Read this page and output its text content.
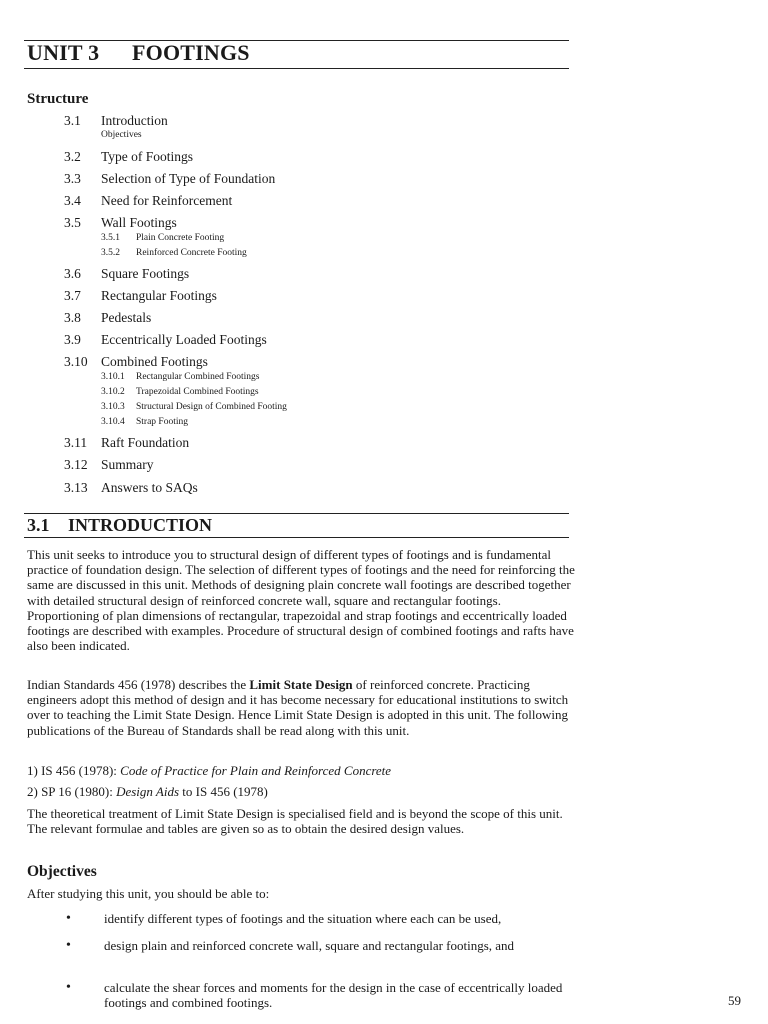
UNIT 3 FOOTINGS
Structure
3.1 Introduction
Objectives
3.2 Type of Footings
3.3 Selection of Type of Foundation
3.4 Need for Reinforcement
3.5 Wall Footings
3.5.1 Plain Concrete Footing
3.5.2 Reinforced Concrete Footing
3.6 Square Footings
3.7 Rectangular Footings
3.8 Pedestals
3.9 Eccentrically Loaded Footings
3.10 Combined Footings
3.10.1 Rectangular Combined Footings
3.10.2 Trapezoidal Combined Footings
3.10.3 Structural Design of Combined Footing
3.10.4 Strap Footing
3.11 Raft Foundation
3.12 Summary
3.13 Answers to SAQs
3.1 INTRODUCTION

This unit seeks to introduce you to structural design of different types of footings and is fundamental practice of foundation design. The selection of different types of footings and the need for reinforcing the same are discussed in this unit. Methods of designing plain concrete wall footings are described together with detailed structural design of reinforced concrete wall, square and rectangular footings. Proportioning of plan dimensions of rectangular, trapezoidal and strap footings and eccentrically loaded footings are described with examples. Procedure of structural design of combined footings and rafts have also been indicated.

Indian Standards 456 (1978) describes the Limit State Design of reinforced concrete. Practicing engineers adopt this method of design and it has become necessary for educational institutions to switch over to teaching the Limit State Design. Hence Limit State Design is adopted in this unit. The following publications of the Bureau of Standards shall be read along with this unit.

1) IS 456 (1978): Code of Practice for Plain and Reinforced Concrete
2) SP 16 (1980): Design Aids to IS 456 (1978)

The theoretical treatment of Limit State Design is specialised field and is beyond the scope of this unit. The relevant formulae and tables are given so as to obtain the desired design values.

Objectives
After studying this unit, you should be able to:
•	identify different types of footings and the situation where each can be used,
•	design plain and reinforced concrete wall, square and rectangular footings, and
•	calculate the shear forces and moments for the design in the case of eccentrically loaded footings and combined footings.	59
